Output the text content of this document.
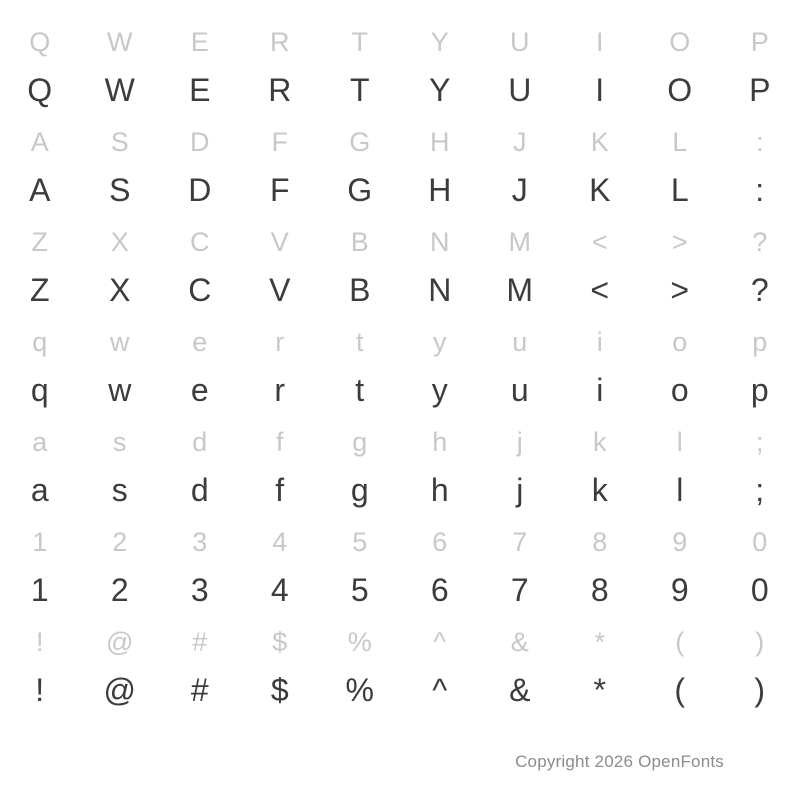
Q	W	E	R	T	Y	U	I	O	P
Q	W	E	R	T	Y	U	I	O	P
A	S	D	F	G	H	J	K	L	:
A	S	D	F	G	H	J	K	L	:
Z	X	C	V	B	N	M	<	>	?
Z	X	C	V	B	N	M	<	>	?
q	w	e	r	t	y	u	i	o	p
q	w	e	r	t	y	u	i	o	p
a	s	d	f	g	h	j	k	l	;
a	s	d	f	g	h	j	k	l	;
1	2	3	4	5	6	7	8	9	0
1	2	3	4	5	6	7	8	9	0
!	@	#	$	%	^	&	*	(	)
!	@	#	$	%	^	&	*	(	)
Copyright 2026 OpenFonts
